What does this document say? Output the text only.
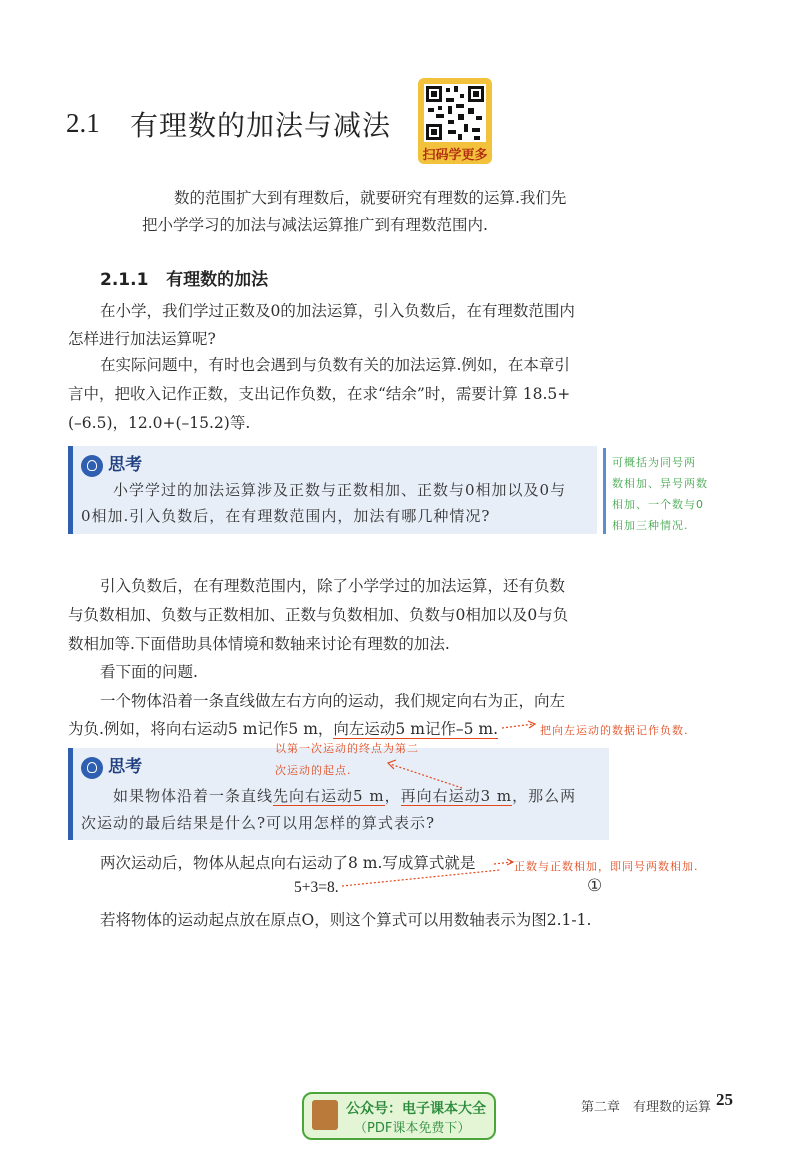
2.1 有理数的加法与减法
扫码学更多
数的范围扩大到有理数后，就要研究有理数的运算.我们先
把小学学习的加法与减法运算推广到有理数范围内.
2.1.1 有理数的加法
在小学，我们学过正数及0的加法运算，引入负数后，在有理数范围内
怎样进行加法运算呢?
在实际问题中，有时也会遇到与负数有关的加法运算.例如，在本章引
言中，把收入记作正数，支出记作负数，在求“结余”时，需要计算 18.5+
(–6.5)，12.0+(–15.2)等.
思考
小学学过的加法运算涉及正数与正数相加、正数与0相加以及0与
0相加.引入负数后，在有理数范围内，加法有哪几种情况?
可概括为同号两
数相加、异号两数
相加、一个数与0
相加三种情况.
引入负数后，在有理数范围内，除了小学学过的加法运算，还有负数
与负数相加、负数与正数相加、正数与负数相加、负数与0相加以及0与负
数相加等.下面借助具体情境和数轴来讨论有理数的加法.
看下面的问题.
一个物体沿着一条直线做左右方向的运动，我们规定向右为正，向左
为负.例如，将向右运动5 m记作5 m，向左运动5 m记作–5 m.	把向左运动的数据记作负数.
思考
如果物体沿着一条直线先向右运动5 m，再向右运动3 m，那么两
次运动的最后结果是什么?可以用怎样的算式表示?
以第一次运动的终点为第二
次运动的起点.
两次运动后，物体从起点向右运动了8 m.写成算式就是	正数与正数相加，即同号两数相加.
5+3=8.	①
若将物体的运动起点放在原点O，则这个算式可以用数轴表示为图2.1-1.
公众号：电子课本大全
（PDF课本免费下）
第二章　有理数的运算 25
